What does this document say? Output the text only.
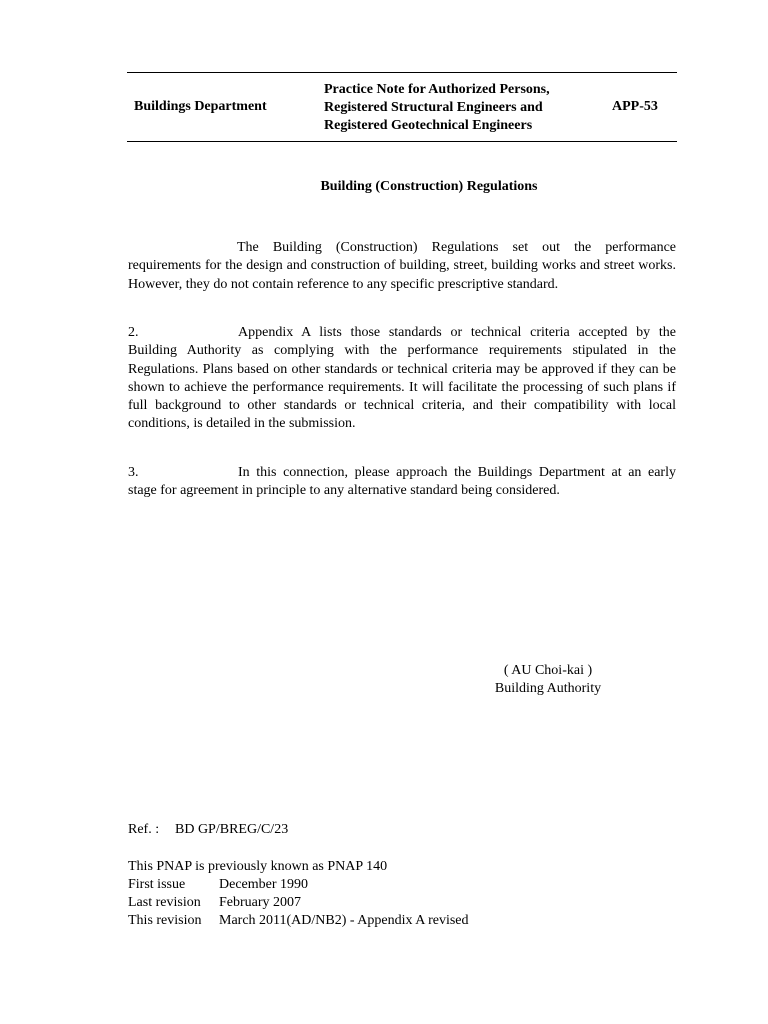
Buildings Department
Practice Note for Authorized Persons,
Registered Structural Engineers and
Registered Geotechnical Engineers
APP-53
Building (Construction) Regulations
The Building (Construction) Regulations set out the performance requirements for the design and construction of building, street, building works and street works. However, they do not contain reference to any specific prescriptive standard.
2.	Appendix A lists those standards or technical criteria accepted by the Building Authority as complying with the performance requirements stipulated in the Regulations. Plans based on other standards or technical criteria may be approved if they can be shown to achieve the performance requirements. It will facilitate the processing of such plans if full background to other standards or technical criteria, and their compatibility with local conditions, is detailed in the submission.
3.	In this connection, please approach the Buildings Department at an early stage for agreement in principle to any alternative standard being considered.
( AU Choi-kai )
Building Authority
Ref. : BD GP/BREG/C/23
This PNAP is previously known as PNAP 140
First issue December 1990
Last revision February 2007
This revision March 2011(AD/NB2) - Appendix A revised
